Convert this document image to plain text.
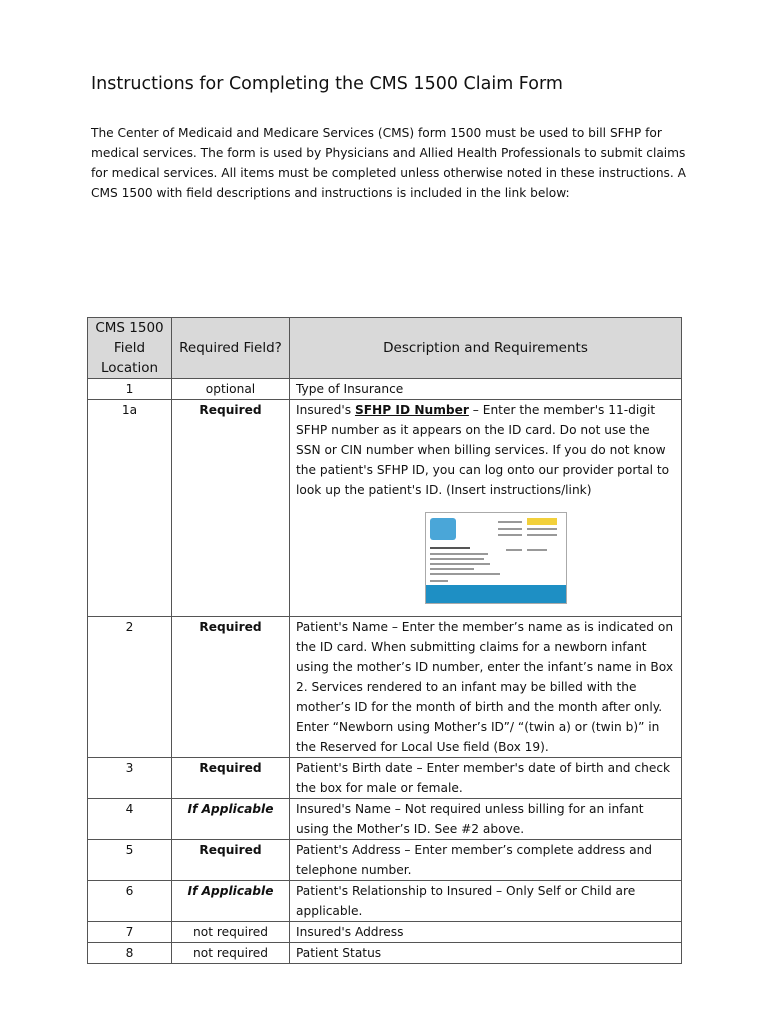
Instructions for Completing the CMS 1500 Claim Form

The Center of Medicaid and Medicare Services (CMS) form 1500 must be used to bill SFHP for medical services. The form is used by Physicians and Allied Health Professionals to submit claims for medical services. All items must be completed unless otherwise noted in these instructions. A CMS 1500 with field descriptions and instructions is included in the link below:

CMS 1500 Field Location	Required Field?	Description and Requirements
1	optional	Type of Insurance
1a	Required	Insured's SFHP ID Number – Enter the member's 11-digit SFHP number as it appears on the ID card. Do not use the SSN or CIN number when billing services. If you do not know the patient's SFHP ID, you can log onto our provider portal to look up the patient's ID. (Insert instructions/link)

2	Required	Patient's Name – Enter the member’s name as is indicated on the ID card. When submitting claims for a newborn infant using the mother’s ID number, enter the infant’s name in Box 2. Services rendered to an infant may be billed with the mother’s ID for the month of birth and the month after only. Enter “Newborn using Mother’s ID”/ “(twin a) or (twin b)” in the Reserved for Local Use field (Box 19).
3	Required	Patient's Birth date – Enter member's date of birth and check the box for male or female.
4	If Applicable	Insured's Name – Not required unless billing for an infant using the Mother’s ID. See #2 above.
5	Required	Patient's Address – Enter member’s complete address and telephone number.
6	If Applicable	Patient's Relationship to Insured – Only Self or Child are applicable.
7	not required	Insured's Address
8	not required	Patient Status
